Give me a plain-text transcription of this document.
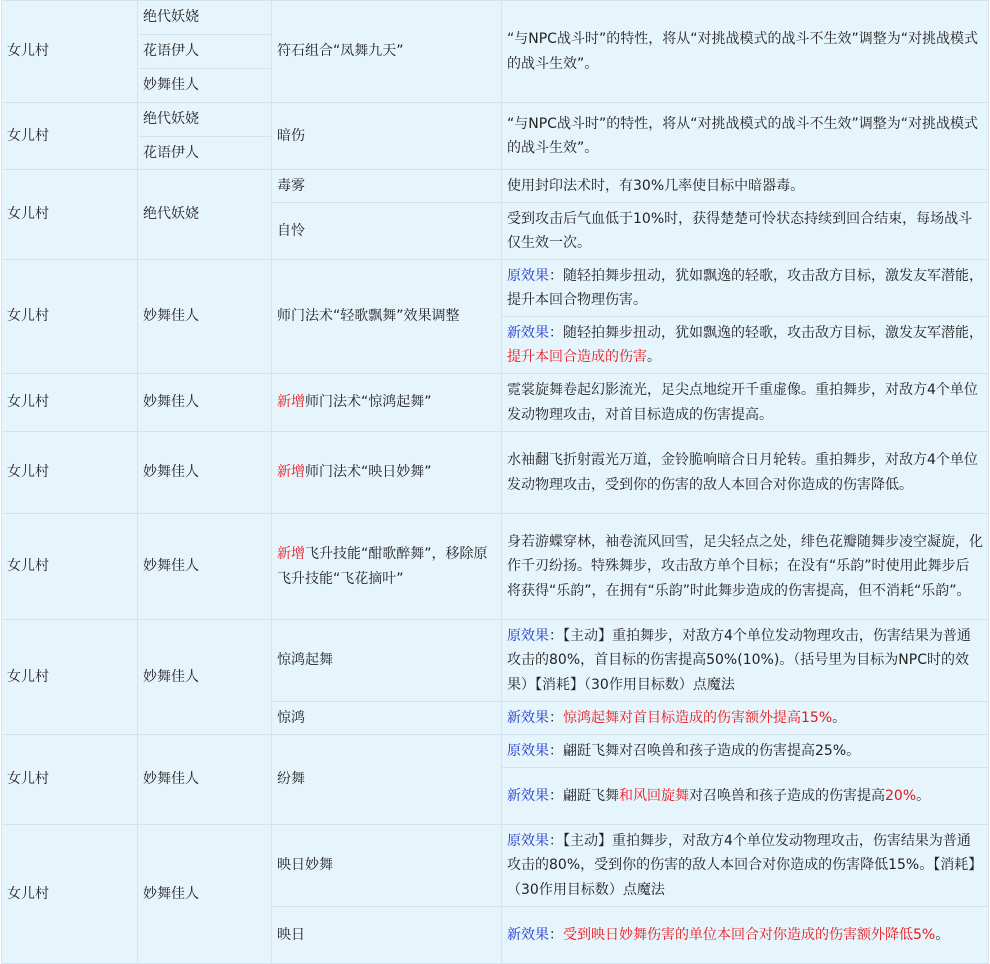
女儿村	绝代妖娆	符石组合“凤舞九天”	“与NPC战斗时”的特性，将从“对挑战模式的战斗不生效”调整为“对挑战模式的战斗生效”。
	花语伊人		
	妙舞佳人		
女儿村	绝代妖娆	暗伤	“与NPC战斗时”的特性，将从“对挑战模式的战斗不生效”调整为“对挑战模式的战斗生效”。
	花语伊人		
女儿村	绝代妖娆	毒雾	使用封印法术时，有30%几率使目标中暗器毒。
		自怜	受到攻击后气血低于10%时，获得楚楚可怜状态持续到回合结束，每场战斗仅生效一次。
女儿村	妙舞佳人	师门法术“轻歌飘舞”效果调整	原效果：随轻拍舞步扭动，犹如飘逸的轻歌，攻击敌方目标，激发友军潜能，提升本回合物理伤害。
			新效果：随轻拍舞步扭动，犹如飘逸的轻歌，攻击敌方目标，激发友军潜能，提升本回合造成的伤害。
女儿村	妙舞佳人	新增师门法术“惊鸿起舞”	霓裳旋舞卷起幻影流光，足尖点地绽开千重虚像。重拍舞步，对敌方4个单位发动物理攻击，对首目标造成的伤害提高。
女儿村	妙舞佳人	新增师门法术“映日妙舞”	水袖翻飞折射霞光万道，金铃脆响暗合日月轮转。重拍舞步，对敌方4个单位发动物理攻击，受到你的伤害的敌人本回合对你造成的伤害降低。
女儿村	妙舞佳人	新增飞升技能“酣歌醉舞”，移除原飞升技能“飞花摘叶”	身若游蝶穿林，袖卷流风回雪，足尖轻点之处，绯色花瓣随舞步凌空凝旋，化作千刃纷扬。特殊舞步，攻击敌方单个目标；在没有“乐韵”时使用此舞步后将获得“乐韵”，在拥有“乐韵”时此舞步造成的伤害提高，但不消耗“乐韵”。
女儿村	妙舞佳人	惊鸿起舞	原效果：【主动】重拍舞步，对敌方4个单位发动物理攻击，伤害结果为普通攻击的80%，首目标的伤害提高50%(10%)。（括号里为目标为NPC时的效果）【消耗】（30作用目标数）点魔法
		惊鸿	新效果：惊鸿起舞对首目标造成的伤害额外提高15%。
女儿村	妙舞佳人	纷舞	原效果：翩跹飞舞对召唤兽和孩子造成的伤害提高25%。
			新效果：翩跹飞舞和风回旋舞对召唤兽和孩子造成的伤害提高20%。
女儿村	妙舞佳人	映日妙舞	原效果：【主动】重拍舞步，对敌方4个单位发动物理攻击，伤害结果为普通攻击的80%，受到你的伤害的敌人本回合对你造成的伤害降低15%。【消耗】（30作用目标数）点魔法
		映日	新效果：受到映日妙舞伤害的单位本回合对你造成的伤害额外降低5%。
